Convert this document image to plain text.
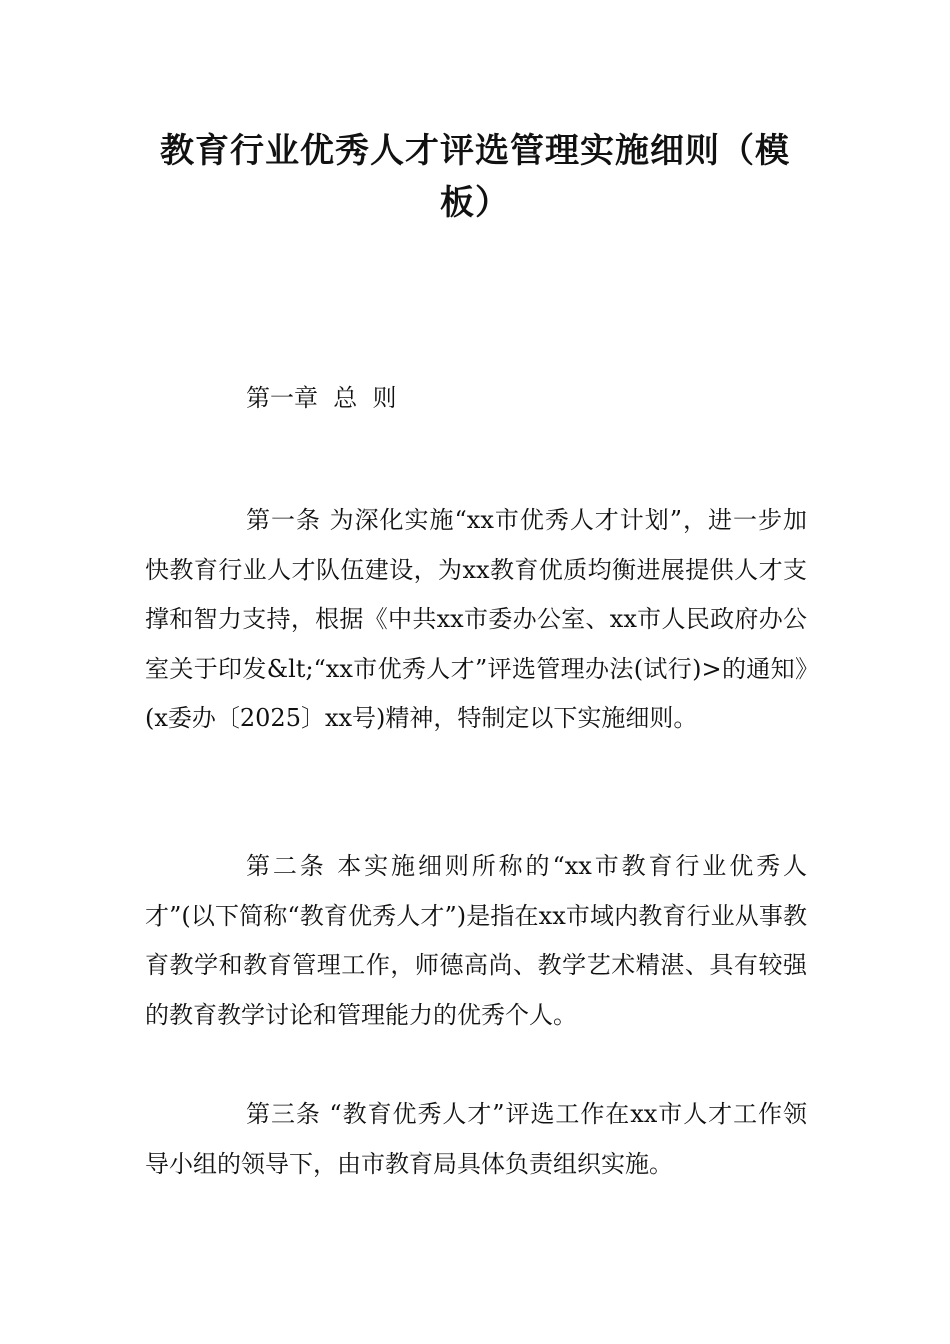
教育行业优秀人才评选管理实施细则（模板）
第一章  总  则

第一条 为深化实施“xx市优秀人才计划”，进一步加快教育行业人才队伍建设，为xx教育优质均衡进展提供人才支撑和智力支持，根据《中共xx市委办公室、xx市人民政府办公室关于印发&lt;“xx市优秀人才”评选管理办法(试行)>的通知》(x委办〔2025〕xx号)精神，特制定以下实施细则。

第二条 本实施细则所称的“xx市教育行业优秀人才”(以下简称“教育优秀人才”)是指在xx市域内教育行业从事教育教学和教育管理工作，师德高尚、教学艺术精湛、具有较强的教育教学讨论和管理能力的优秀个人。

第三条 “教育优秀人才”评选工作在xx市人才工作领导小组的领导下，由市教育局具体负责组织实施。
